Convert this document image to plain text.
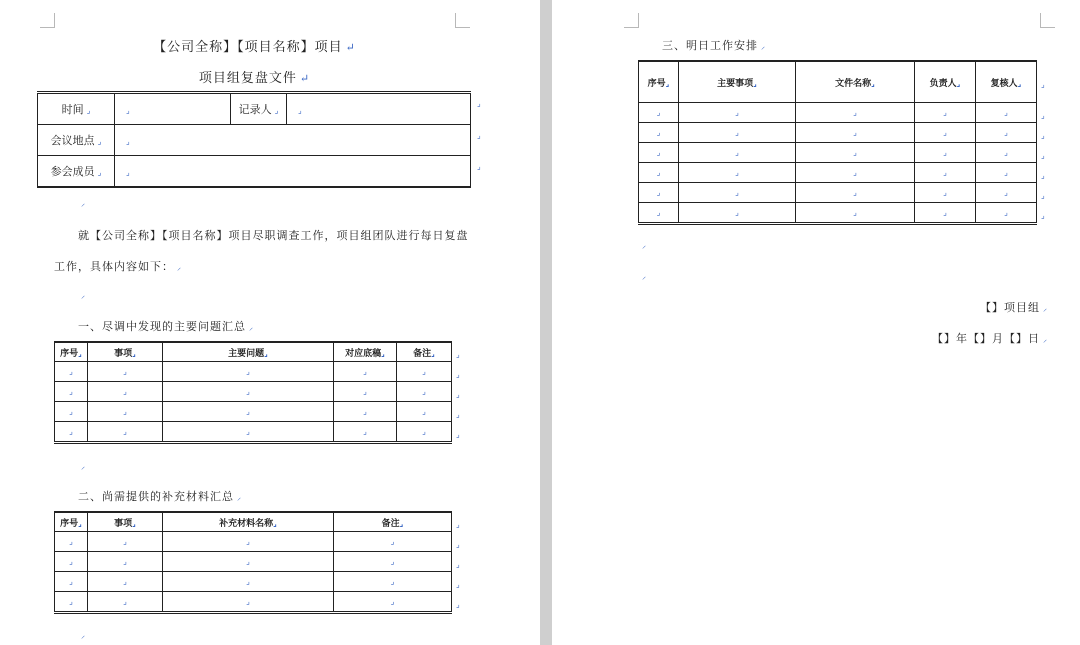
【公司全称】【项目名称】项目 ↵
项目组复盘文件 ↵
时间 ⌟	⌟	记录人 ⌟	⌟
会议地点 ⌟	⌟		
参会成员 ⌟	⌟		
⌟
⌟
⌟
⸝
就【公司全称】【项目名称】项目尽职调查工作，项目组团队进行每日复盘
工作，具体内容如下： ⸝
⸝
一、尽调中发现的主要问题汇总 ⸝
序号⌟	事项⌟	主要问题⌟	对应底稿⌟	备注⌟
⌟	⌟	⌟	⌟	⌟
⌟	⌟	⌟	⌟	⌟
⌟	⌟	⌟	⌟	⌟
⌟	⌟	⌟	⌟	⌟
⸝
二、尚需提供的补充材料汇总 ⸝
序号⌟	事项⌟	补充材料名称⌟	备注⌟
⌟	⌟	⌟	⌟
⌟	⌟	⌟	⌟
⌟	⌟	⌟	⌟
⌟	⌟	⌟	⌟
⸝
⌟
⌟
⌟
⌟
⌟
⌟
⌟
⌟
⌟
⌟
三、明日工作安排 ⸝
序号⌟	主要事项⌟	文件名称⌟	负责人⌟	复核人⌟
⌟	⌟	⌟	⌟	⌟
⌟	⌟	⌟	⌟	⌟
⌟	⌟	⌟	⌟	⌟
⌟	⌟	⌟	⌟	⌟
⌟	⌟	⌟	⌟	⌟
⌟	⌟	⌟	⌟	⌟
⸝
⸝
【】项目组 ⸝
【】年【】月【】日 ⸝
⌟
⌟
⌟
⌟
⌟
⌟
⌟
